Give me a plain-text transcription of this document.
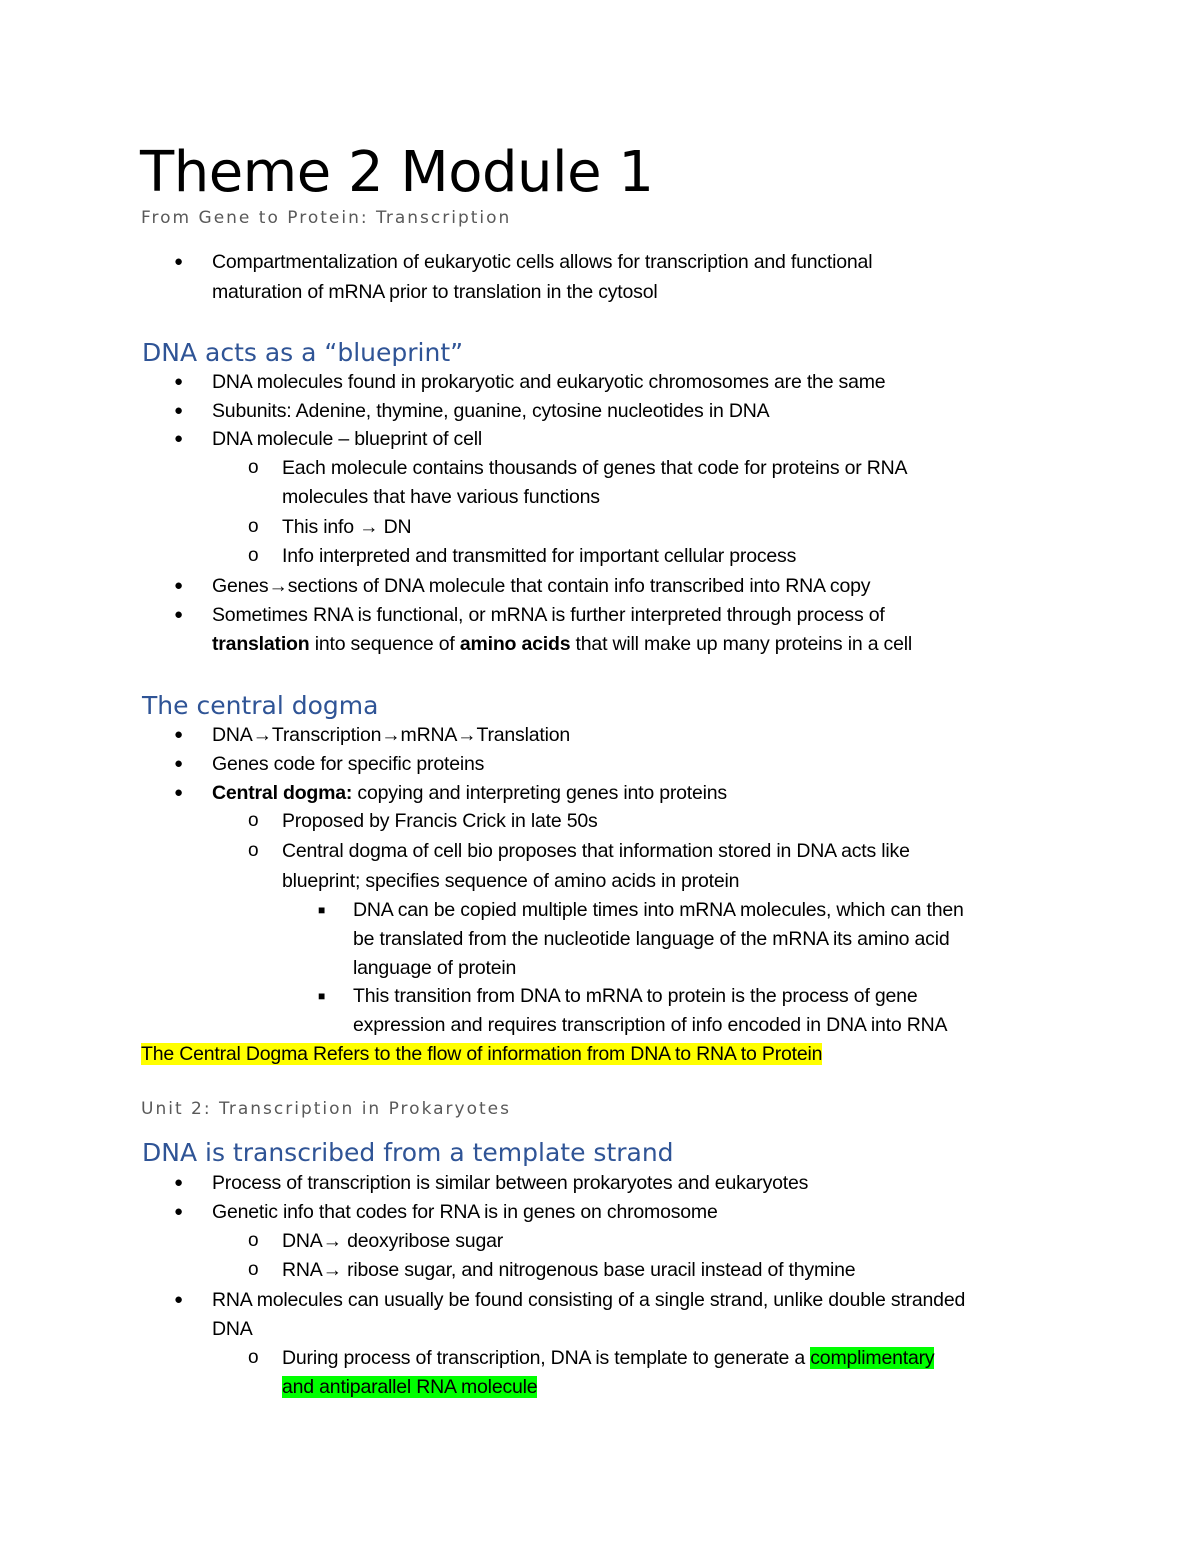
Theme 2 Module 1
From Gene to Protein: Transcription
● Compartmentalization of eukaryotic cells allows for transcription and functional
maturation of mRNA prior to translation in the cytosol
DNA acts as a “blueprint”
● DNA molecules found in prokaryotic and eukaryotic chromosomes are the same
● Subunits: Adenine, thymine, guanine, cytosine nucleotides in DNA
● DNA molecule – blueprint of cell
o Each molecule contains thousands of genes that code for proteins or RNA
molecules that have various functions
o This info → DN
o Info interpreted and transmitted for important cellular process
● Genes→sections of DNA molecule that contain info transcribed into RNA copy
● Sometimes RNA is functional, or mRNA is further interpreted through process of
translation into sequence of amino acids that will make up many proteins in a cell
The central dogma
● DNA→Transcription→mRNA→Translation
● Genes code for specific proteins
● Central dogma: copying and interpreting genes into proteins
o Proposed by Francis Crick in late 50s
o Central dogma of cell bio proposes that information stored in DNA acts like
blueprint; specifies sequence of amino acids in protein
■ DNA can be copied multiple times into mRNA molecules, which can then
be translated from the nucleotide language of the mRNA its amino acid
language of protein
■ This transition from DNA to mRNA to protein is the process of gene
expression and requires transcription of info encoded in DNA into RNA
The Central Dogma Refers to the flow of information from DNA to RNA to Protein
Unit 2: Transcription in Prokaryotes
DNA is transcribed from a template strand
● Process of transcription is similar between prokaryotes and eukaryotes
● Genetic info that codes for RNA is in genes on chromosome
o DNA→ deoxyribose sugar
o RNA→ ribose sugar, and nitrogenous base uracil instead of thymine
● RNA molecules can usually be found consisting of a single strand, unlike double stranded
DNA
o During process of transcription, DNA is template to generate a complimentary
and antiparallel RNA molecule
